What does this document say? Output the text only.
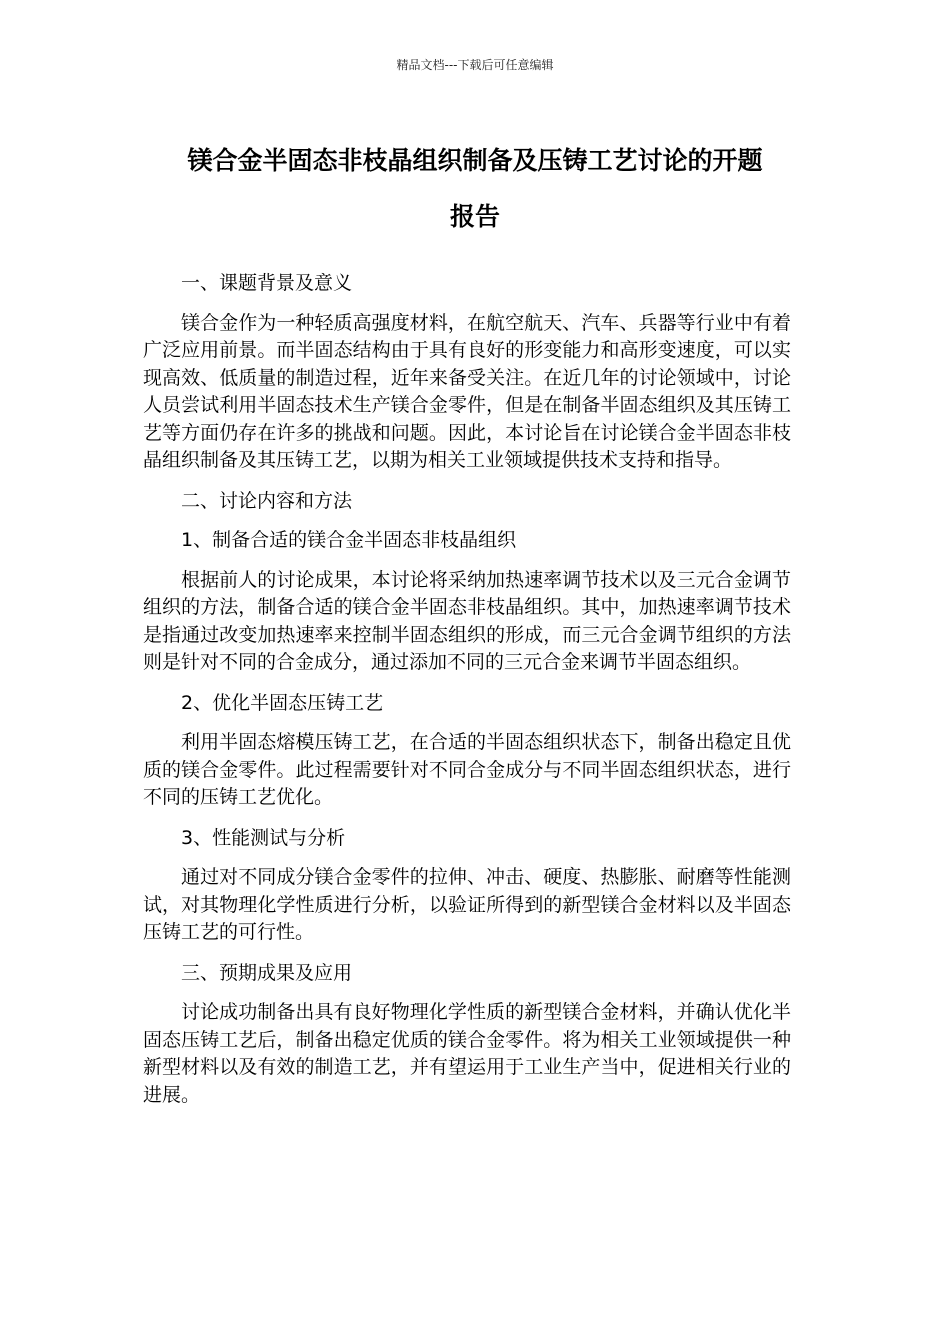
精品文档---下载后可任意编辑
镁合金半固态非枝晶组织制备及压铸工艺讨论的开题
报告

一、课题背景及意义

镁合金作为一种轻质高强度材料，在航空航天、汽车、兵器等行业中有着广泛应用前景。而半固态结构由于具有良好的形变能力和高形变速度，可以实现高效、低质量的制造过程，近年来备受关注。在近几年的讨论领域中，讨论人员尝试利用半固态技术生产镁合金零件，但是在制备半固态组织及其压铸工艺等方面仍存在许多的挑战和问题。因此，本讨论旨在讨论镁合金半固态非枝晶组织制备及其压铸工艺，以期为相关工业领域提供技术支持和指导。

二、讨论内容和方法

1、制备合适的镁合金半固态非枝晶组织

根据前人的讨论成果，本讨论将采纳加热速率调节技术以及三元合金调节组织的方法，制备合适的镁合金半固态非枝晶组织。其中，加热速率调节技术是指通过改变加热速率来控制半固态组织的形成，而三元合金调节组织的方法则是针对不同的合金成分，通过添加不同的三元合金来调节半固态组织。

2、优化半固态压铸工艺

利用半固态熔模压铸工艺，在合适的半固态组织状态下，制备出稳定且优质的镁合金零件。此过程需要针对不同合金成分与不同半固态组织状态，进行不同的压铸工艺优化。

3、性能测试与分析

通过对不同成分镁合金零件的拉伸、冲击、硬度、热膨胀、耐磨等性能测试，对其物理化学性质进行分析，以验证所得到的新型镁合金材料以及半固态压铸工艺的可行性。

三、预期成果及应用

讨论成功制备出具有良好物理化学性质的新型镁合金材料，并确认优化半固态压铸工艺后，制备出稳定优质的镁合金零件。将为相关工业领域提供一种新型材料以及有效的制造工艺，并有望运用于工业生产当中，促进相关行业的进展。
